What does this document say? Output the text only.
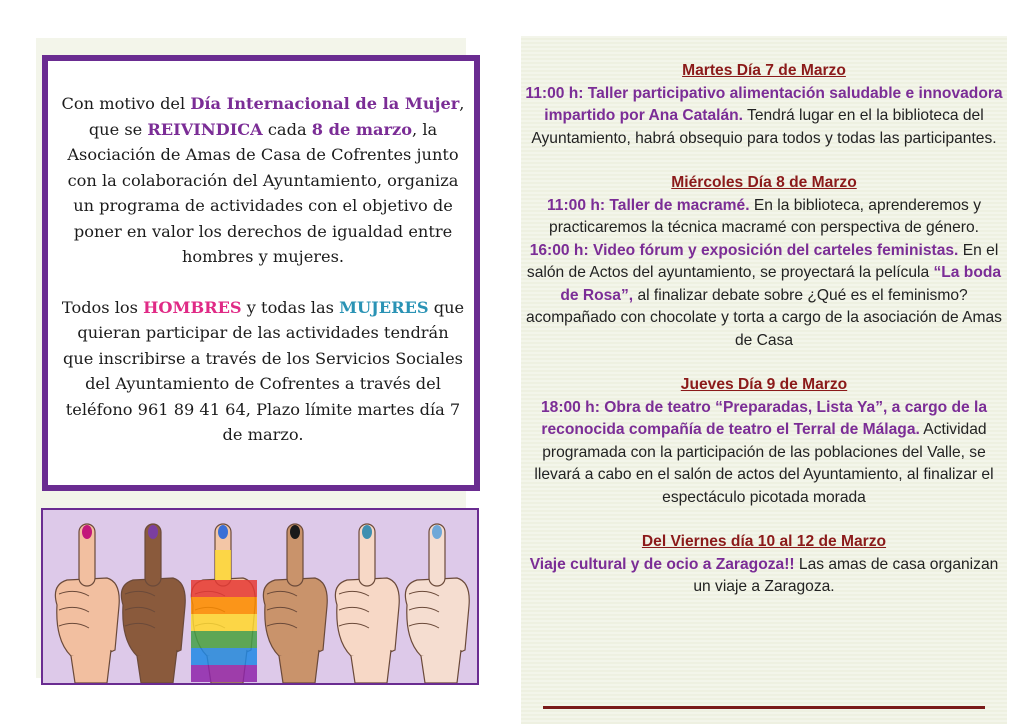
Con motivo del Día Internacional de la Mujer, que se REIVINDICA cada 8 de marzo, la Asociación de Amas de Casa de Cofrentes junto con la colaboración del Ayuntamiento, organiza un programa de actividades con el objetivo de poner en valor los derechos de igualdad entre hombres y mujeres.

Todos los HOMBRES y todas las MUJERES que quieran participar de las actividades tendrán que inscribirse a través de los Servicios Sociales del Ayuntamiento de Cofrentes a través del teléfono 961 89 41 64, Plazo límite martes día 7 de marzo.

Martes Día 7 de Marzo
11:00 h: Taller participativo alimentación saludable e innovadora impartido por Ana Catalán. Tendrá lugar en el la biblioteca del Ayuntamiento, habrá obsequio para todos y todas las participantes.
Miércoles Día 8 de Marzo
11:00 h: Taller de macramé. En la biblioteca, aprenderemos y practicaremos la técnica macramé con perspectiva de género.
16:00 h: Video fórum y exposición del carteles feministas. En el salón de Actos del ayuntamiento, se proyectará la película “La boda de Rosa”, al finalizar debate sobre ¿Qué es el feminismo? acompañado con chocolate y torta a cargo de la asociación de Amas de Casa
Jueves Día 9 de Marzo
18:00 h: Obra de teatro “Preparadas, Lista Ya”, a cargo de la reconocida compañía de teatro el Terral de Málaga. Actividad programada con la participación de las poblaciones del Valle, se llevará a cabo en el salón de actos del Ayuntamiento, al finalizar el espectáculo picotada morada
Del Viernes día 10 al 12 de Marzo
Viaje cultural y de ocio a Zaragoza!! Las amas de casa organizan un viaje a Zaragoza.
